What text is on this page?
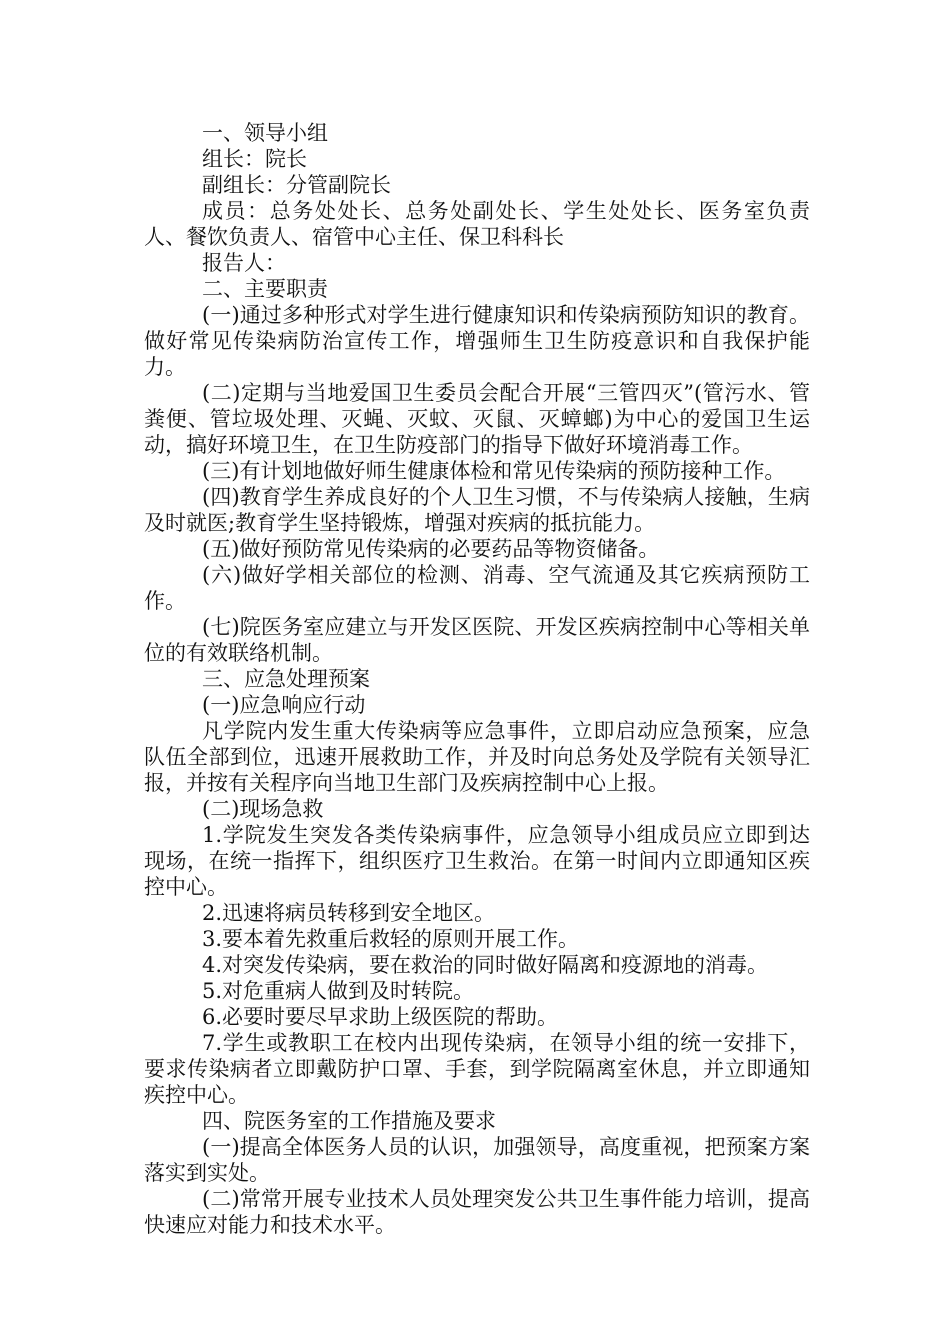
一、领导小组

组长：院长

副组长：分管副院长

成员：总务处处长、总务处副处长、学生处处长、医务室负责人、餐饮负责人、宿管中心主任、保卫科科长

报告人：

二、主要职责

(一)通过多种形式对学生进行健康知识和传染病预防知识的教育。做好常见传染病防治宣传工作，增强师生卫生防疫意识和自我保护能力。

(二)定期与当地爱国卫生委员会配合开展“三管四灭”(管污水、管粪便、管垃圾处理、灭蝇、灭蚊、灭鼠、灭蟑螂)为中心的爱国卫生运动，搞好环境卫生，在卫生防疫部门的指导下做好环境消毒工作。

(三)有计划地做好师生健康体检和常见传染病的预防接种工作。

(四)教育学生养成良好的个人卫生习惯，不与传染病人接触，生病及时就医;教育学生坚持锻炼，增强对疾病的抵抗能力。

(五)做好预防常见传染病的必要药品等物资储备。

(六)做好学相关部位的检测、消毒、空气流通及其它疾病预防工作。

(七)院医务室应建立与开发区医院、开发区疾病控制中心等相关单位的有效联络机制。

三、应急处理预案

(一)应急响应行动

凡学院内发生重大传染病等应急事件，立即启动应急预案，应急队伍全部到位，迅速开展救助工作，并及时向总务处及学院有关领导汇报，并按有关程序向当地卫生部门及疾病控制中心上报。

(二)现场急救

1.学院发生突发各类传染病事件，应急领导小组成员应立即到达现场，在统一指挥下，组织医疗卫生救治。在第一时间内立即通知区疾控中心。

2.迅速将病员转移到安全地区。

3.要本着先救重后救轻的原则开展工作。

4.对突发传染病，要在救治的同时做好隔离和疫源地的消毒。

5.对危重病人做到及时转院。

6.必要时要尽早求助上级医院的帮助。

7.学生或教职工在校内出现传染病，在领导小组的统一安排下，要求传染病者立即戴防护口罩、手套，到学院隔离室休息，并立即通知疾控中心。

四、院医务室的工作措施及要求

(一)提高全体医务人员的认识，加强领导，高度重视，把预案方案落实到实处。

(二)常常开展专业技术人员处理突发公共卫生事件能力培训，提高快速应对能力和技术水平。
